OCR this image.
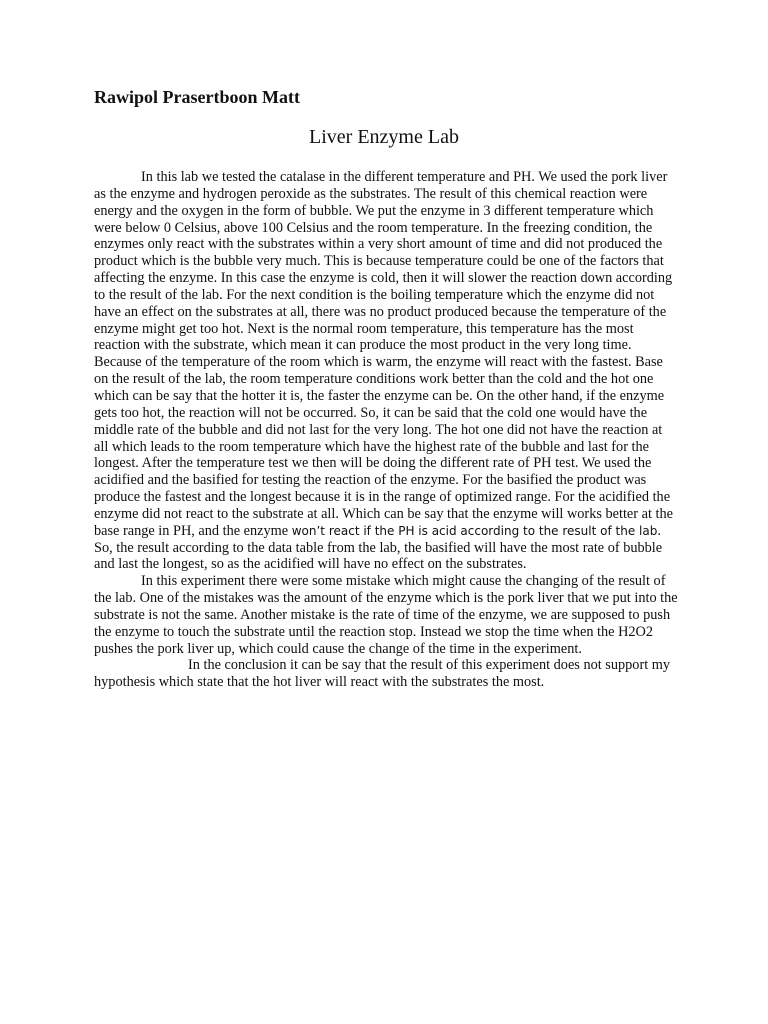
Rawipol Prasertboon Matt

Liver Enzyme Lab

In this lab we tested the catalase in the different temperature and PH. We used the pork liver as the enzyme and hydrogen peroxide as the substrates. The result of this chemical reaction were energy and the oxygen in the form of bubble. We put the enzyme in 3 different temperature which were below 0 Celsius, above 100 Celsius and the room temperature. In the freezing condition, the enzymes only react with the substrates within a very short amount of time and did not produced the product which is the bubble very much. This is because temperature could be one of the factors that affecting the enzyme. In this case the enzyme is cold, then it will slower the reaction down according to the result of the lab. For the next condition is the boiling temperature which the enzyme did not have an effect on the substrates at all, there was no product produced because the temperature of the enzyme might get too hot. Next is the normal room temperature, this temperature has the most reaction with the substrate, which mean it can produce the most product in the very long time. Because of the temperature of the room which is warm, the enzyme will react with the fastest. Base on the result of the lab, the room temperature conditions work better than the cold and the hot one which can be say that the hotter it is, the faster the enzyme can be. On the other hand, if the enzyme gets too hot, the reaction will not be occurred. So, it can be said that the cold one would have the middle rate of the bubble and did not last for the very long. The hot one did not have the reaction at all which leads to the room temperature which have the highest rate of the bubble and last for the longest. After the temperature test we then will be doing the different rate of PH test. We used the acidified and the basified for testing the reaction of the enzyme. For the basified the product was produce the fastest and the longest because it is in the range of optimized range. For the acidified the enzyme did not react to the substrate at all. Which can be say that the enzyme will works better at the base range in PH, and the enzyme won’t react if the PH is acid according to the result of the lab. So, the result according to the data table from the lab, the basified will have the most rate of bubble and last the longest, so as the acidified will have no effect on the substrates.

In this experiment there were some mistake which might cause the changing of the result of the lab. One of the mistakes was the amount of the enzyme which is the pork liver that we put into the substrate is not the same. Another mistake is the rate of time of the enzyme, we are supposed to push the enzyme to touch the substrate until the reaction stop. Instead we stop the time when the H2O2 pushes the pork liver up, which could cause the change of the time in the experiment.

In the conclusion it can be say that the result of this experiment does not support my hypothesis which state that the hot liver will react with the substrates the most.
